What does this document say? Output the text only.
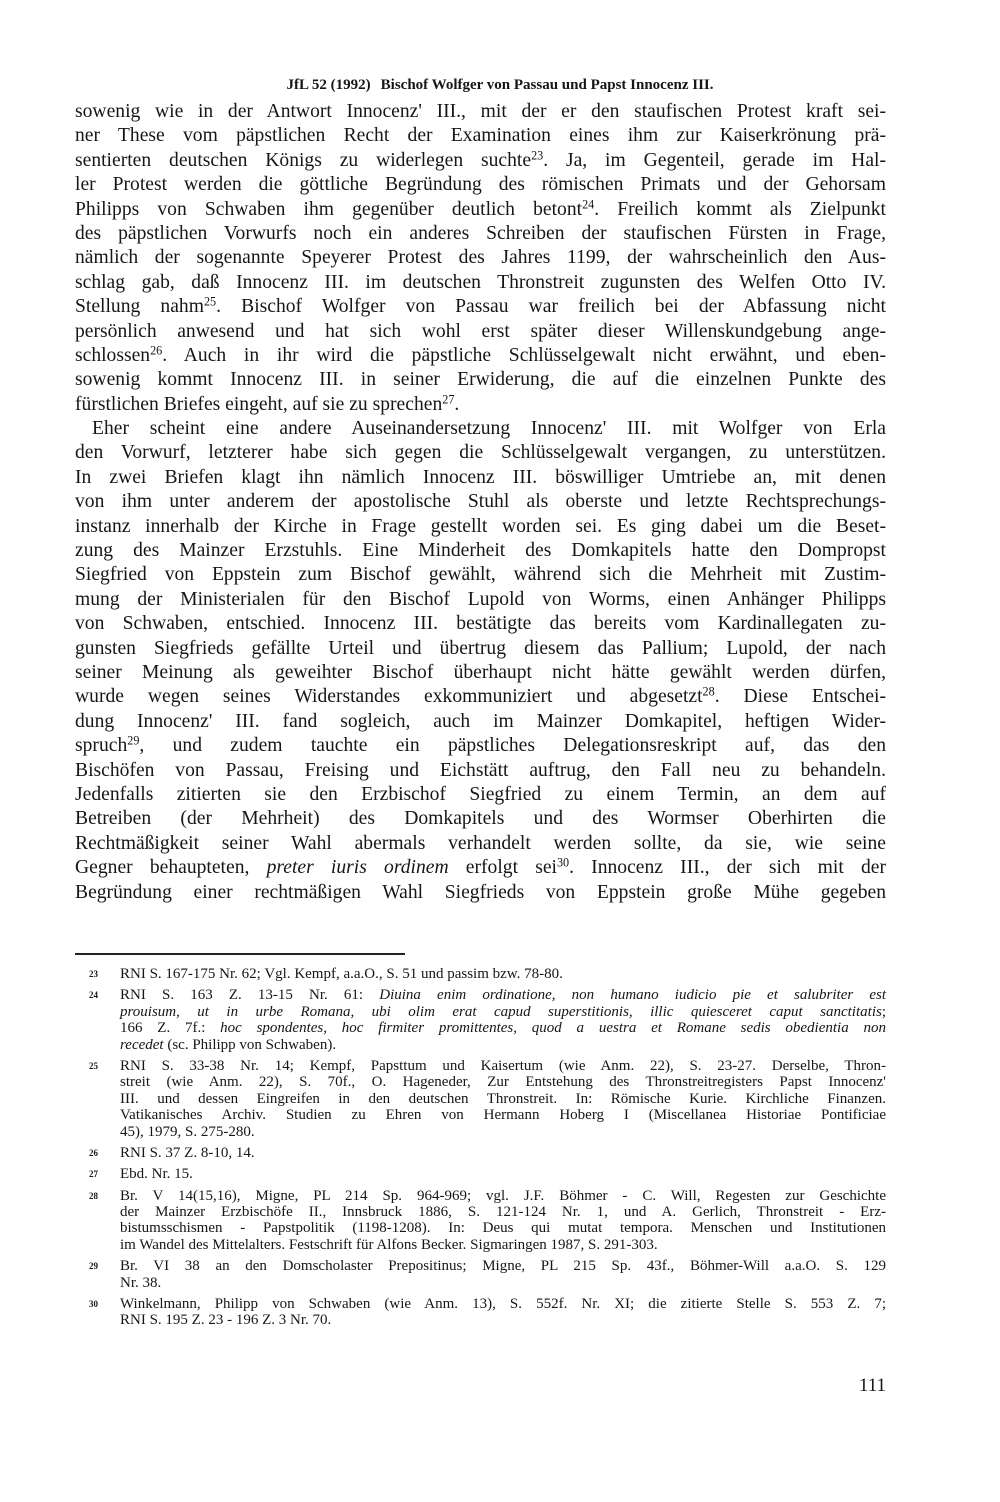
JfL 52 (1992) Bischof Wolfger von Passau und Papst Innocenz III.
sowenig wie in der Antwort Innocenz' III., mit der er den staufischen Protest kraft sei-
ner These vom päpstlichen Recht der Examination eines ihm zur Kaiserkrönung prä-
sentierten deutschen Königs zu widerlegen suchte$^{23}$. Ja, im Gegenteil, gerade im Hal-
ler Protest werden die göttliche Begründung des römischen Primats und der Gehorsam
Philipps von Schwaben ihm gegenüber deutlich betont$^{24}$. Freilich kommt als Zielpunkt
des päpstlichen Vorwurfs noch ein anderes Schreiben der staufischen Fürsten in Frage,
nämlich der sogenannte Speyerer Protest des Jahres 1199, der wahrscheinlich den Aus-
schlag gab, daß Innocenz III. im deutschen Thronstreit zugunsten des Welfen Otto IV.
Stellung nahm$^{25}$. Bischof Wolfger von Passau war freilich bei der Abfassung nicht
persönlich anwesend und hat sich wohl erst später dieser Willenskundgebung ange-
schlossen$^{26}$. Auch in ihr wird die päpstliche Schlüsselgewalt nicht erwähnt, und eben-
sowenig kommt Innocenz III. in seiner Erwiderung, die auf die einzelnen Punkte des
fürstlichen Briefes eingeht, auf sie zu sprechen$^{27}$.
Eher scheint eine andere Auseinandersetzung Innocenz' III. mit Wolfger von Erla
den Vorwurf, letzterer habe sich gegen die Schlüsselgewalt vergangen, zu unterstützen.
In zwei Briefen klagt ihn nämlich Innocenz III. böswilliger Umtriebe an, mit denen
von ihm unter anderem der apostolische Stuhl als oberste und letzte Rechtsprechungs-
instanz innerhalb der Kirche in Frage gestellt worden sei. Es ging dabei um die Beset-
zung des Mainzer Erzstuhls. Eine Minderheit des Domkapitels hatte den Dompropst
Siegfried von Eppstein zum Bischof gewählt, während sich die Mehrheit mit Zustim-
mung der Ministerialen für den Bischof Lupold von Worms, einen Anhänger Philipps
von Schwaben, entschied. Innocenz III. bestätigte das bereits vom Kardinallegaten zu-
gunsten Siegfrieds gefällte Urteil und übertrug diesem das Pallium; Lupold, der nach
seiner Meinung als geweihter Bischof überhaupt nicht hätte gewählt werden dürfen,
wurde wegen seines Widerstandes exkommuniziert und abgesetzt$^{28}$. Diese Entschei-
dung Innocenz' III. fand sogleich, auch im Mainzer Domkapitel, heftigen Wider-
spruch$^{29}$, und zudem tauchte ein päpstliches Delegationsreskript auf, das den
Bischöfen von Passau, Freising und Eichstätt auftrug, den Fall neu zu behandeln.
Jedenfalls zitierten sie den Erzbischof Siegfried zu einem Termin, an dem auf
Betreiben (der Mehrheit) des Domkapitels und des Wormser Oberhirten die
Rechtmäßigkeit seiner Wahl abermals verhandelt werden sollte, da sie, wie seine
Gegner behaupteten, preter iuris ordinem erfolgt sei$^{30}$. Innocenz III., der sich mit der
Begründung einer rechtmäßigen Wahl Siegfrieds von Eppstein große Mühe gegeben
23 RNI S. 167-175 Nr. 62; Vgl. Kempf, a.a.O., S. 51 und passim bzw. 78-80.
24 RNI S. 163 Z. 13-15 Nr. 61: Diuina enim ordinatione, non humano iudicio pie et salubriter est
prouisum, ut in urbe Romana, ubi olim erat capud superstitionis, illic quiesceret caput sanctitatis;
166 Z. 7f.: hoc spondentes, hoc firmiter promittentes, quod a uestra et Romane sedis obedientia non
recedet (sc. Philipp von Schwaben).
25 RNI S. 33-38 Nr. 14; Kempf, Papsttum und Kaisertum (wie Anm. 22), S. 23-27. Derselbe, Thron-
streit (wie Anm. 22), S. 70f., O. Hageneder, Zur Entstehung des Thronstreitregisters Papst Innocenz'
III. und dessen Eingreifen in den deutschen Thronstreit. In: Römische Kurie. Kirchliche Finanzen.
Vatikanisches Archiv. Studien zu Ehren von Hermann Hoberg I (Miscellanea Historiae Pontificiae
45), 1979, S. 275-280.
26 RNI S. 37 Z. 8-10, 14.
27 Ebd. Nr. 15.
28 Br. V 14(15,16), Migne, PL 214 Sp. 964-969; vgl. J.F. Böhmer - C. Will, Regesten zur Geschichte
der Mainzer Erzbischöfe II., Innsbruck 1886, S. 121-124 Nr. 1, und A. Gerlich, Thronstreit - Erz-
bistumsschismen - Papstpolitik (1198-1208). In: Deus qui mutat tempora. Menschen und Institutionen
im Wandel des Mittelalters. Festschrift für Alfons Becker. Sigmaringen 1987, S. 291-303.
29 Br. VI 38 an den Domscholaster Prepositinus; Migne, PL 215 Sp. 43f., Böhmer-Will a.a.O. S. 129
Nr. 38.
30 Winkelmann, Philipp von Schwaben (wie Anm. 13), S. 552f. Nr. XI; die zitierte Stelle S. 553 Z. 7;
RNI S. 195 Z. 23 - 196 Z. 3 Nr. 70.
111
